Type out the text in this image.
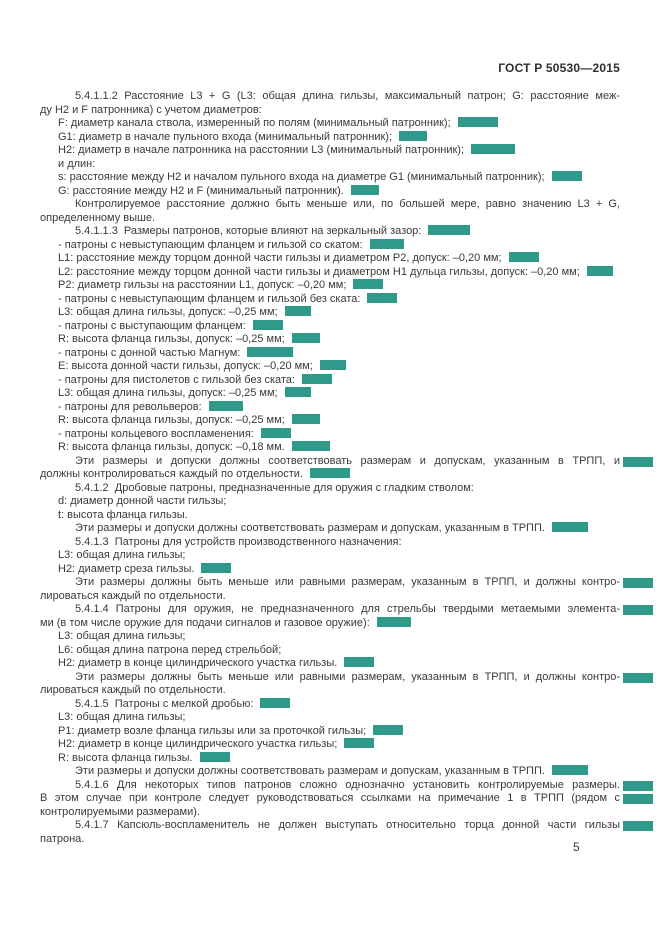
ГОСТ Р 50530—2015
5.4.1.1.2 Расстояние L3 + G (L3: общая длина гильзы, максимальный патрон; G: расстояние меж-
ду H2 и F патронника) с учетом диаметров:
F: диаметр канала ствола, измеренный по полям (минимальный патронник);
G1: диаметр в начале пульного входа (минимальный патронник);
H2: диаметр в начале патронника на расстоянии L3 (минимальный патронник);
и длин:
s: расстояние между H2 и началом пульного входа на диаметре G1 (минимальный патронник);
G: расстояние между H2 и F (минимальный патронник).
Контролируемое расстояние должно быть меньше или, по большей мере, равно значению L3 + G,
определенному выше.
5.4.1.1.3  Размеры патронов, которые влияют на зеркальный зазор:
- патроны с невыступающим фланцем и гильзой со скатом:
L1: расстояние между торцом донной части гильзы и диаметром P2, допуск: –0,20 мм;
L2: расстояние между торцом донной части гильзы и диаметром H1 дульца гильзы, допуск: –0,20 мм;
P2: диаметр гильзы на расстоянии L1, допуск: –0,20 мм;
- патроны с невыступающим фланцем и гильзой без ската:
L3: общая длина гильзы, допуск: –0,25 мм;
- патроны с выступающим фланцем:
R: высота фланца гильзы, допуск: –0,25 мм;
- патроны с донной частью Магнум:
E: высота донной части гильзы, допуск: –0,20 мм;
- патроны для пистолетов с гильзой без ската:
L3: общая длина гильзы, допуск: –0,25 мм;
- патроны для револьверов:
R: высота фланца гильзы, допуск: –0,25 мм;
- патроны кольцевого воспламенения:
R: высота фланца гильзы, допуск: –0,18 мм.
Эти размеры и допуски должны соответствовать размерам и допускам, указанным в ТРПП, и
должны контролироваться каждый по отдельности.
5.4.1.2  Дробовые патроны, предназначенные для оружия с гладким стволом:
d: диаметр донной части гильзы;
t: высота фланца гильзы.
Эти размеры и допуски должны соответствовать размерам и допускам, указанным в ТРПП.
5.4.1.3  Патроны для устройств производственного назначения:
L3: общая длина гильзы;
H2: диаметр среза гильзы.
Эти размеры должны быть меньше или равными размерам, указанным в ТРПП, и должны контро-
лироваться каждый по отдельности.
5.4.1.4 Патроны для оружия, не предназначенного для стрельбы твердыми метаемыми элемента-
ми (в том числе оружие для подачи сигналов и газовое оружие):
L3: общая длина гильзы;
L6: общая длина патрона перед стрельбой;
H2: диаметр в конце цилиндрического участка гильзы.
Эти размеры должны быть меньше или равными размерам, указанным в ТРПП, и должны контро-
лироваться каждый по отдельности.
5.4.1.5  Патроны с мелкой дробью:
L3: общая длина гильзы;
P1: диаметр возле фланца гильзы или за проточкой гильзы;
H2: диаметр в конце цилиндрического участка гильзы;
R: высота фланца гильзы.
Эти размеры и допуски должны соответствовать размерам и допускам, указанным в ТРПП.
5.4.1.6 Для некоторых типов патронов сложно однозначно установить контролируемые размеры.
В этом случае при контроле следует руководствоваться ссылками на примечание 1 в ТРПП (рядом с
контролируемыми размерами).
5.4.1.7 Капсюль-воспламенитель не должен выступать относительно торца донной части гильзы
патрона.
5
